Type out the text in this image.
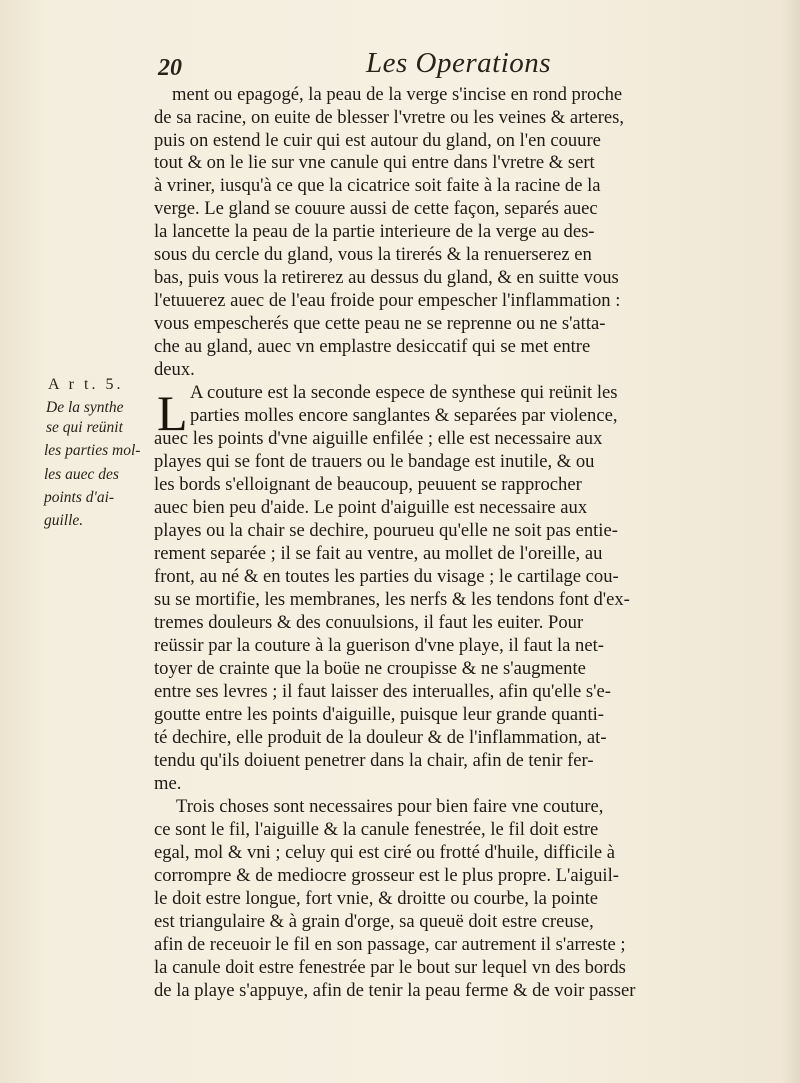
20	Les Operations
A r t. 5.
De la synthe
se qui reünit
les parties mol-
les auec des
points d'ai-
guille.
L
ment ou epagogé, la peau de la verge s'incise en rond proche
de sa racine, on euite de blesser l'vretre ou les veines & arteres,
puis on estend le cuir qui est autour du gland, on l'en couure
tout & on le lie sur vne canule qui entre dans l'vretre & sert
à vriner, iusqu'à ce que la cicatrice soit faite à la racine de la
verge. Le gland se couure aussi de cette façon, separés auec
la lancette la peau de la partie interieure de la verge au des-
sous du cercle du gland, vous la tirerés & la renuerserez en
bas, puis vous la retirerez au dessus du gland, & en suitte vous
l'etuuerez auec de l'eau froide pour empescher l'inflammation :
vous empescherés que cette peau ne se reprenne ou ne s'atta-
che au gland, auec vn emplastre desiccatif qui se met entre
deux.
A couture est la seconde espece de synthese qui reünit les
parties molles encore sanglantes & separées par violence,
auec les points d'vne aiguille enfilée ; elle est necessaire aux
playes qui se font de trauers ou le bandage est inutile, & ou
les bords s'elloignant de beaucoup, peuuent se rapprocher
auec bien peu d'aide. Le point d'aiguille est necessaire aux
playes ou la chair se dechire, pourueu qu'elle ne soit pas entie-
rement separée ; il se fait au ventre, au mollet de l'oreille, au
front, au né & en toutes les parties du visage ; le cartilage cou-
su se mortifie, les membranes, les nerfs & les tendons font d'ex-
tremes douleurs & des conuulsions, il faut les euiter. Pour
reüssir par la couture à la guerison d'vne playe, il faut la net-
toyer de crainte que la boüe ne croupisse & ne s'augmente
entre ses levres ; il faut laisser des interualles, afin qu'elle s'e-
goutte entre les points d'aiguille, puisque leur grande quanti-
té dechire, elle produit de la douleur & de l'inflammation, at-
tendu qu'ils doiuent penetrer dans la chair, afin de tenir fer-
me.
Trois choses sont necessaires pour bien faire vne couture,
ce sont le fil, l'aiguille & la canule fenestrée, le fil doit estre
egal, mol & vni ; celuy qui est ciré ou frotté d'huile, difficile à
corrompre & de mediocre grosseur est le plus propre. L'aiguil-
le doit estre longue, fort vnie, & droitte ou courbe, la pointe
est triangulaire & à grain d'orge, sa queuë doit estre creuse,
afin de receuoir le fil en son passage, car autrement il s'arreste ;
la canule doit estre fenestrée par le bout sur lequel vn des bords
de la playe s'appuye, afin de tenir la peau ferme & de voir passer
